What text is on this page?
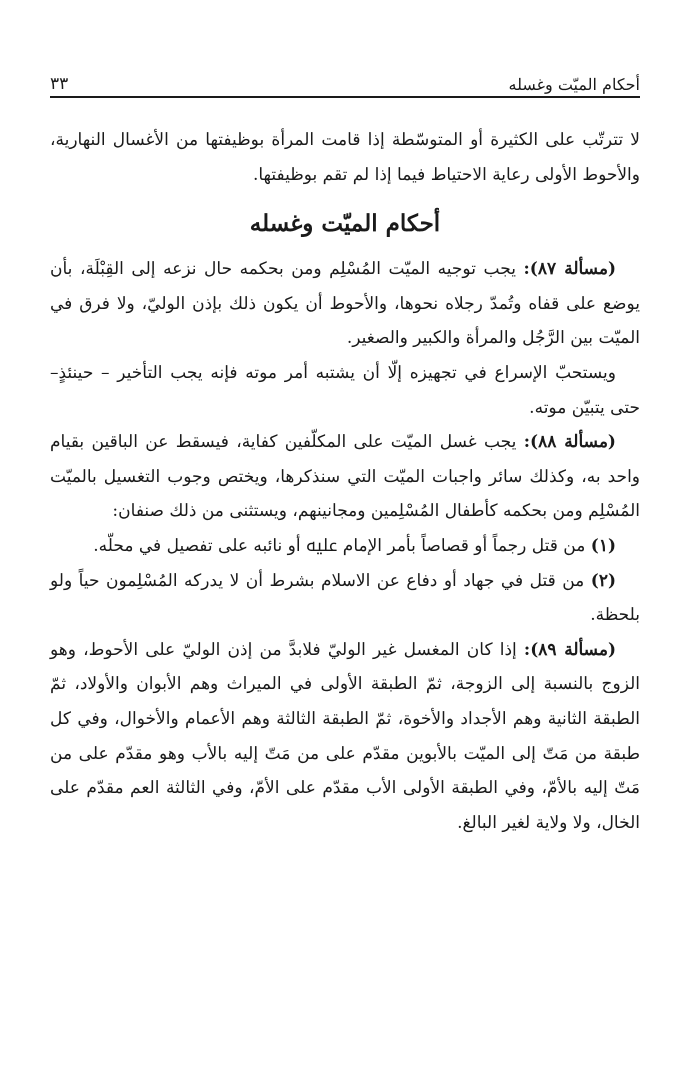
أحكام الميّت وغسله
٣٣

لا تترتّب على الكثيرة أو المتوسّطة إذا قامت المرأة بوظيفتها من الأغسال النهارية، والأحوط الأولى رعاية الاحتياط فيما إذا لم تقم بوظيفتها.

أحكام الميّت وغسله

(مسألة ٨٧): يجب توجيه الميّت المُسْلِم ومن بحكمه حال نزعه إلى القِبْلَة، بأن يوضع على قفاه وتُمدّ رجلاه نحوها، والأحوط أن يكون ذلك بإذن الوليّ، ولا فرق في الميّت بين الرَّجُل والمرأة والكبير والصغير.

ويستحبّ الإسراع في تجهيزه إلّا أن يشتبه أمر موته فإنه يجب التأخير – حينئذٍ– حتى يتبيّن موته.

(مسألة ٨٨): يجب غسل الميّت على المكلّفين كفاية، فيسقط عن الباقين بقيام واحد به، وكذلك سائر واجبات الميّت التي سنذكرها، ويختص وجوب التغسيل بالميّت المُسْلِم ومن بحكمه كأطفال المُسْلِمين ومجانينهم، ويستثنى من ذلك صنفان:

(١) من قتل رجماً أو قصاصاً بأمر الإمام ﷷ أو نائبه على تفصيل في محلّه.

(٢) من قتل في جهاد أو دفاع عن الاسلام بشرط أن لا يدركه المُسْلِمون حياً ولو بلحظة.

(مسألة ٨٩): إذا كان المغسل غير الوليّ فلابدَّ من إذن الوليّ على الأحوط، وهو الزوج بالنسبة إلى الزوجة، ثمّ الطبقة الأولى في الميراث وهم الأبوان والأولاد، ثمّ الطبقة الثانية وهم الأجداد والأخوة، ثمّ الطبقة الثالثة وهم الأعمام والأخوال، وفي كل طبقة من مَتّ إلى الميّت بالأبوين مقدّم على من مَتّ إليه بالأب وهو مقدّم على من مَتّ إليه بالأمّ، وفي الطبقة الأولى الأب مقدّم على الأمّ، وفي الثالثة العم مقدّم على الخال، ولا ولاية لغير البالغ.
